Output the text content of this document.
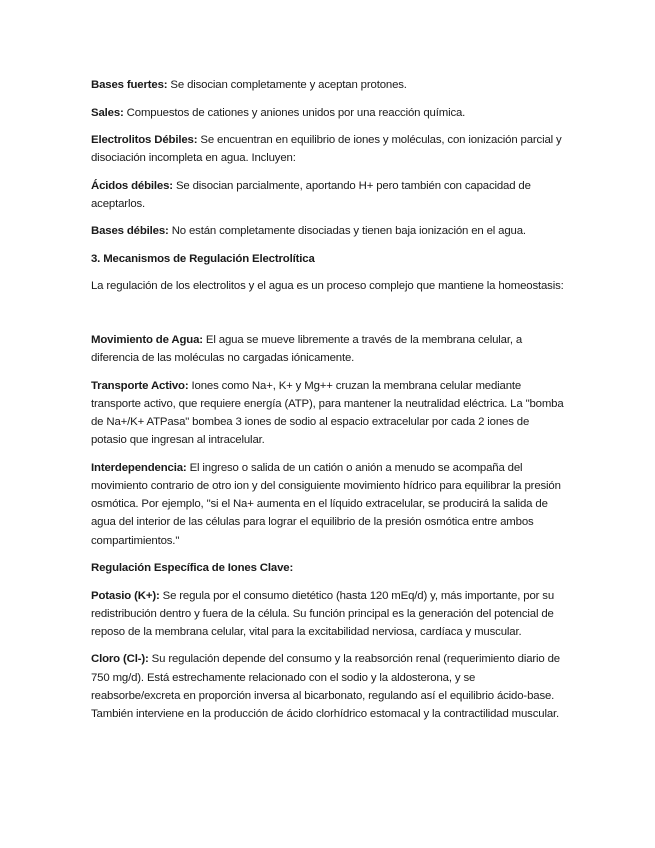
Bases fuertes: Se disocian completamente y aceptan protones.

Sales: Compuestos de cationes y aniones unidos por una reacción química.

Electrolitos Débiles: Se encuentran en equilibrio de iones y moléculas, con ionización parcial y disociación incompleta en agua. Incluyen:

Ácidos débiles: Se disocian parcialmente, aportando H+ pero también con capacidad de aceptarlos.

Bases débiles: No están completamente disociadas y tienen baja ionización en el agua.

3. Mecanismos de Regulación Electrolítica

La regulación de los electrolitos y el agua es un proceso complejo que mantiene la homeostasis:

Movimiento de Agua: El agua se mueve libremente a través de la membrana celular, a diferencia de las moléculas no cargadas iónicamente.

Transporte Activo: Iones como Na+, K+ y Mg++ cruzan la membrana celular mediante transporte activo, que requiere energía (ATP), para mantener la neutralidad eléctrica. La "bomba de Na+/K+ ATPasa" bombea 3 iones de sodio al espacio extracelular por cada 2 iones de potasio que ingresan al intracelular.

Interdependencia: El ingreso o salida de un catión o anión a menudo se acompaña del movimiento contrario de otro ion y del consiguiente movimiento hídrico para equilibrar la presión osmótica. Por ejemplo, "si el Na+ aumenta en el líquido extracelular, se producirá la salida de agua del interior de las células para lograr el equilibrio de la presión osmótica entre ambos compartimientos."

Regulación Específica de Iones Clave:

Potasio (K+): Se regula por el consumo dietético (hasta 120 mEq/d) y, más importante, por su redistribución dentro y fuera de la célula. Su función principal es la generación del potencial de reposo de la membrana celular, vital para la excitabilidad nerviosa, cardíaca y muscular.

Cloro (Cl-): Su regulación depende del consumo y la reabsorción renal (requerimiento diario de 750 mg/d). Está estrechamente relacionado con el sodio y la aldosterona, y se reabsorbe/excreta en proporción inversa al bicarbonato, regulando así el equilibrio ácido-base. También interviene en la producción de ácido clorhídrico estomacal y la contractilidad muscular.
